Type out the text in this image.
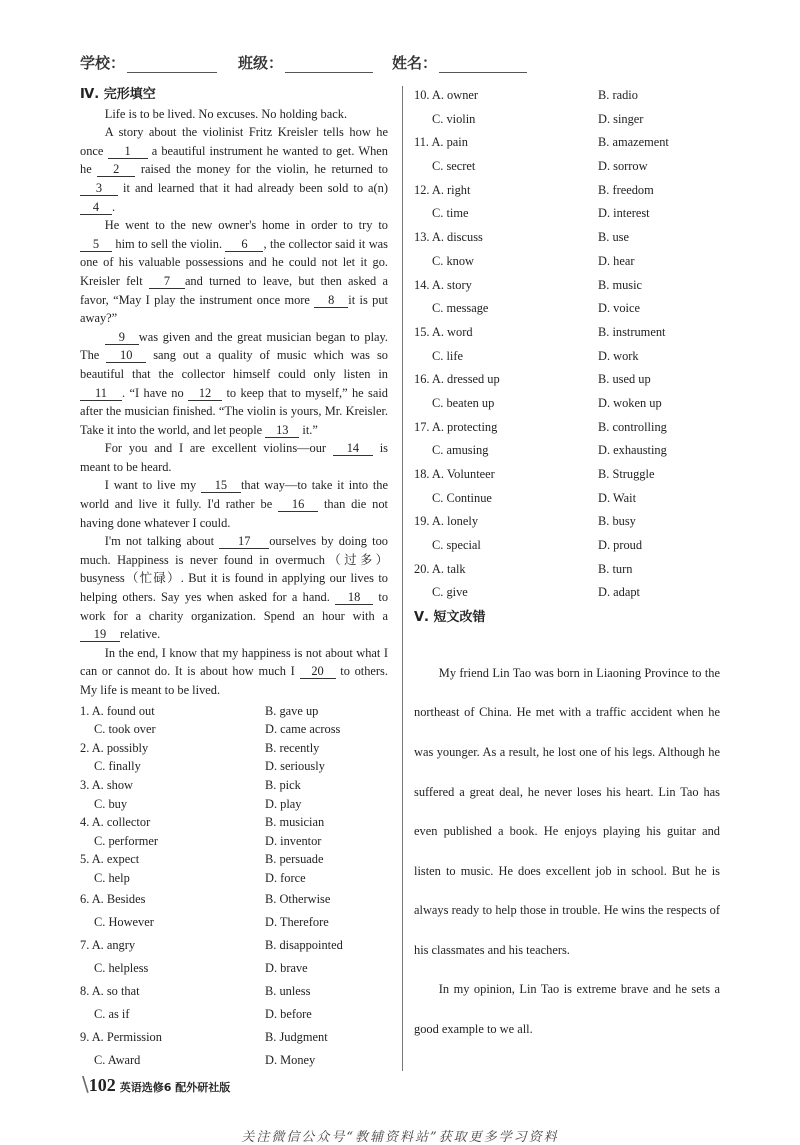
学校：	班级：	姓名：
Ⅳ. 完形填空

Life is to be lived. No excuses. No holding back.

A story about the violinist Fritz Kreisler tells how he once 1 a beautiful instrument he wanted to get. When he 2 raised the money for the violin, he returned to 3 it and learned that it had already been sold to a(n)4 .

He went to the new owner's home in order to try to 5 him to sell the violin. 6 , the collector said it was one of his valuable possessions and he could not let it go. Kreisler felt 7 and turned to leave, but then asked a favor, “May I play the instrument once more 8 it is put away?”

9 was given and the great musician began to play. The 10 sang out a quality of music which was so beautiful that the collector himself could only listen in 11 . “I have no 12 to keep that to myself,” he said after the musician finished. “The violin is yours, Mr. Kreisler. Take it into the world, and let people 13 it.”

For you and I are excellent violins—our 14 is meant to be heard.

I want to live my 15 that way—to take it into the world and live it fully. I'd rather be 16 than die not having done whatever I could.

I'm not talking about 17 ourselves by doing too much. Happiness is never found in overmuch（过多）busyness（忙碌）. But it is found in applying our lives to helping others. Say yes when asked for a hand. 18 to work for a charity organization. Spend an hour with a 19 relative.

In the end, I know that my happiness is not about what I can or cannot do. It is about how much I 20 to others. My life is meant to be lived.

1. A. found out	B. gave up
C. took over	D. came across
2. A. possibly	B. recently
C. finally	D. seriously
3. A. show	B. pick
C. buy	D. play
4. A. collector	B. musician
C. performer	D. inventor
5. A. expect	B. persuade
C. help	D. force
6. A. Besides	B. Otherwise
C. However	D. Therefore
7. A. angry	B. disappointed
C. helpless	D. brave
8. A. so that	B. unless
C. as if	D. before
9. A. Permission	B. Judgment
C. Award	D. Money
10. A. owner	B. radio
C. violin	D. singer
11. A. pain	B. amazement
C. secret	D. sorrow
12. A. right	B. freedom
C. time	D. interest
13. A. discuss	B. use
C. know	D. hear
14. A. story	B. music
C. message	D. voice
15. A. word	B. instrument
C. life	D. work
16. A. dressed up	B. used up
C. beaten up	D. woken up
17. A. protecting	B. controlling
C. amusing	D. exhausting
18. A. Volunteer	B. Struggle
C. Continue	D. Wait
19. A. lonely	B. busy
C. special	D. proud
20. A. talk	B. turn
C. give	D. adapt
Ⅴ. 短文改错

My friend Lin Tao was born in Liaoning Province to the northeast of China. He met with a traffic accident when he was younger. As a result, he lost one of his legs. Although he suffered a great deal, he never loses his heart. Lin Tao has even published a book. He enjoys playing his guitar and listen to music. He does excellent job in school. But he is always ready to help those in trouble. He wins the respects of his classmates and his teachers.

In my opinion, Lin Tao is extreme brave and he sets a good example to we all.

\102 英语选修6 配外研社版
关注微信公众号“教辅资料站”获取更多学习资料
